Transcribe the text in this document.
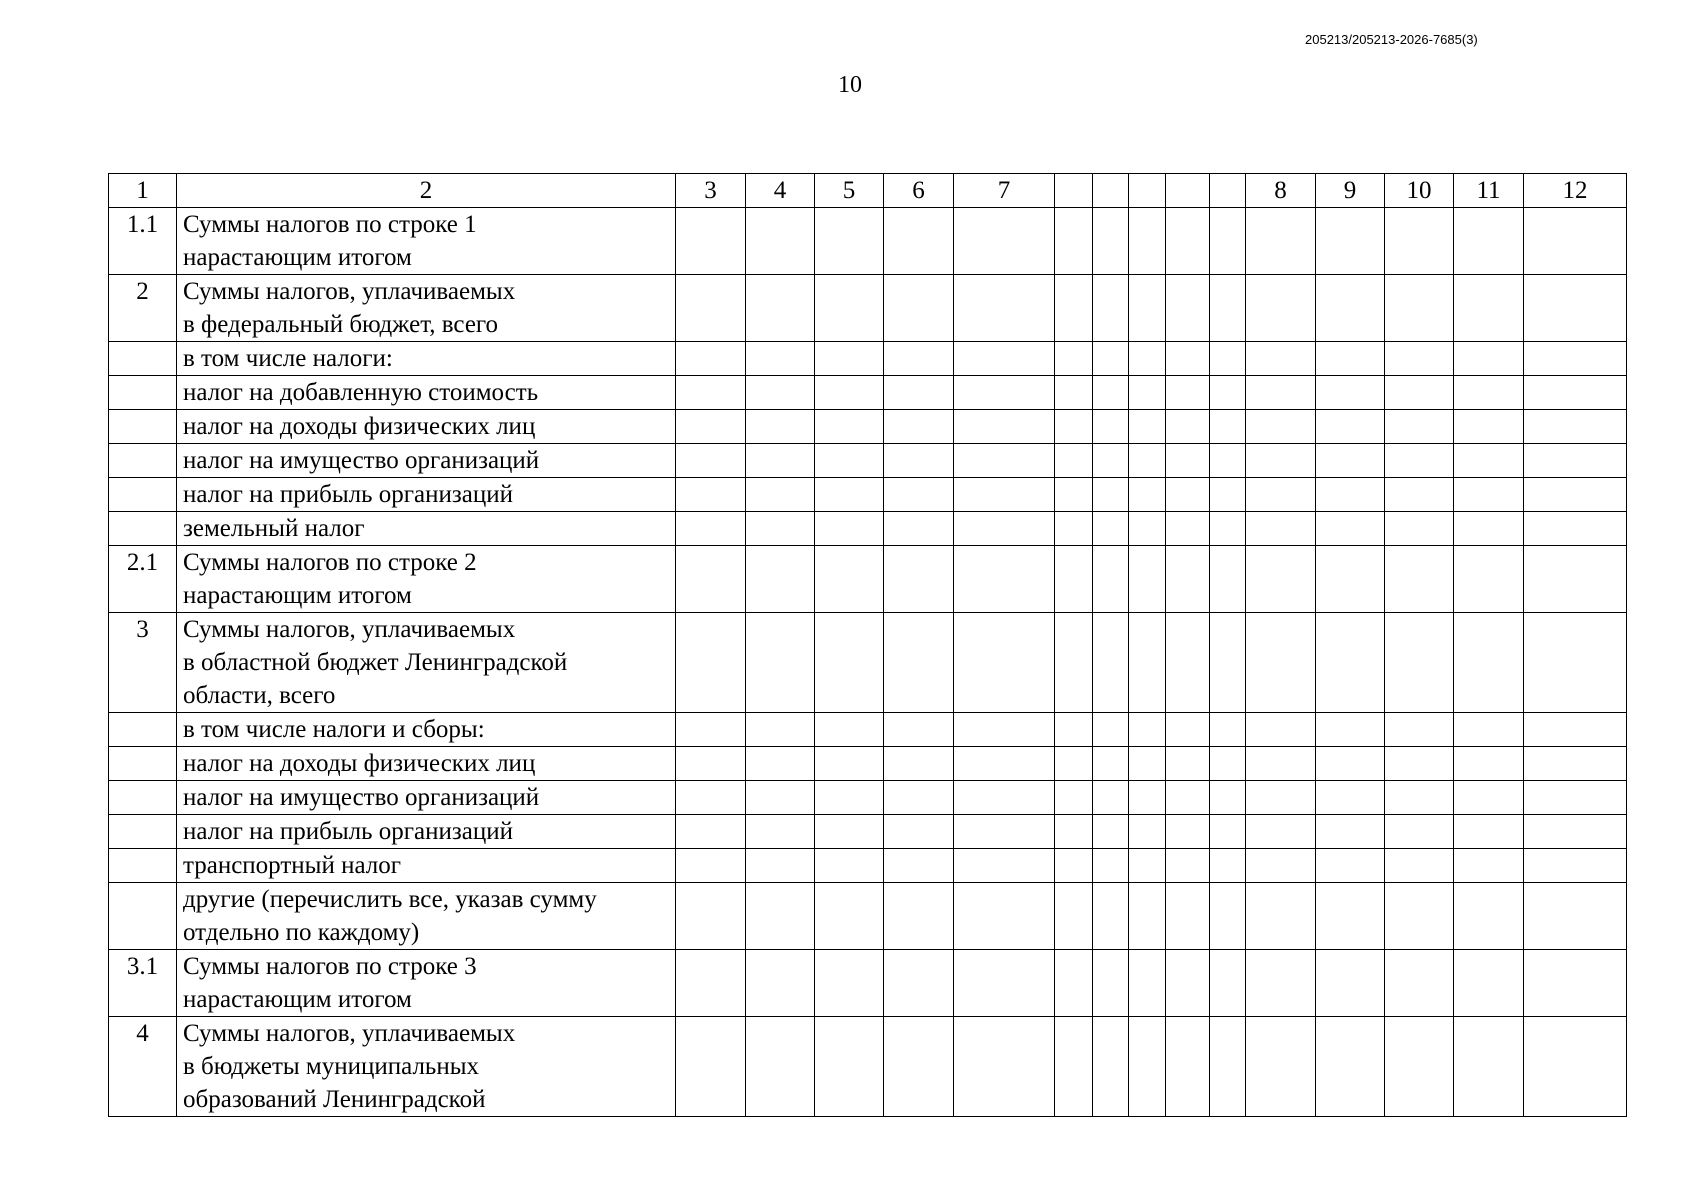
205213/205213-2026-7685(3)
10
1	2	3	4	5	6	7						8	9	10	11	12
1.1	Суммы налогов по строке 1
нарастающим итогом															

2	Суммы налогов, уплачиваемых
в федеральный бюджет, всего															

	в том числе налоги:															

	налог на добавленную стоимость															

	налог на доходы физических лиц															

	налог на имущество организаций															

	налог на прибыль организаций															

	земельный налог															

2.1	Суммы налогов по строке 2
нарастающим итогом															

3	Суммы налогов, уплачиваемых
в областной бюджет Ленинградской
области, всего															

	в том числе налоги и сборы:															

	налог на доходы физических лиц															

	налог на имущество организаций															

	налог на прибыль организаций															

	транспортный налог															

	другие (перечислить все, указав сумму
отдельно по каждому)															

3.1	Суммы налогов по строке 3
нарастающим итогом															

4	Суммы налогов, уплачиваемых
в бюджеты муниципальных
образований Ленинградской															
